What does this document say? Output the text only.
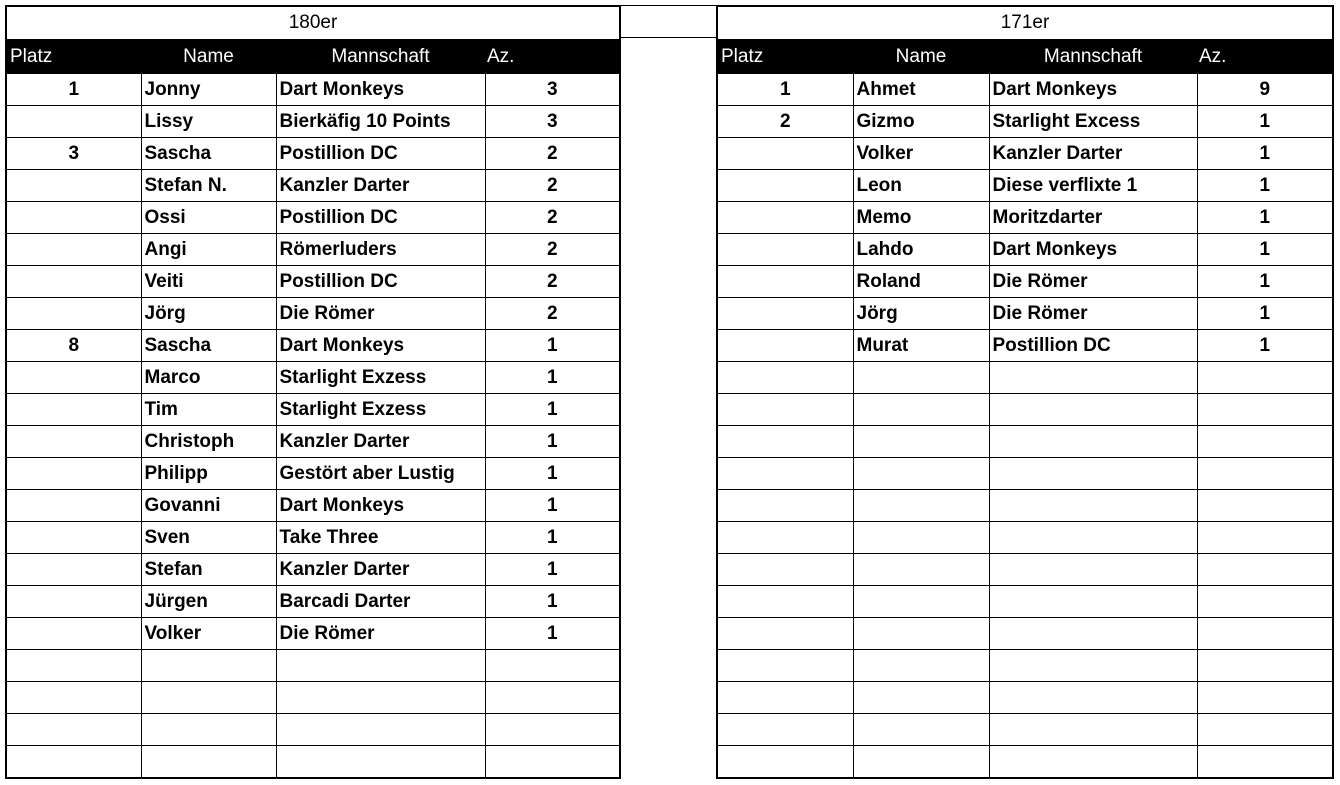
180er			
Platz	Name	Mannschaft	Az.
1	Jonny	Dart Monkeys	3
	Lissy	Bierkäfig 10 Points	3
3	Sascha	Postillion DC	2
	Stefan N.	Kanzler Darter	2
	Ossi	Postillion DC	2
	Angi	Römerluders	2
	Veiti	Postillion DC	2
	Jörg	Die Römer	2
8	Sascha	Dart Monkeys	1
	Marco	Starlight Exzess	1
	Tim	Starlight Exzess	1
	Christoph	Kanzler Darter	1
	Philipp	Gestört aber Lustig	1
	Govanni	Dart Monkeys	1
	Sven	Take Three	1
	Stefan	Kanzler Darter	1
	Jürgen	Barcadi Darter	1
	Volker	Die Römer	1

171er			
Platz	Name	Mannschaft	Az.
1	Ahmet	Dart Monkeys	9
2	Gizmo	Starlight Excess	1
	Volker	Kanzler Darter	1
	Leon	Diese verflixte 1	1
	Memo	Moritzdarter	1
	Lahdo	Dart Monkeys	1
	Roland	Die Römer	1
	Jörg	Die Römer	1
	Murat	Postillion DC	1
